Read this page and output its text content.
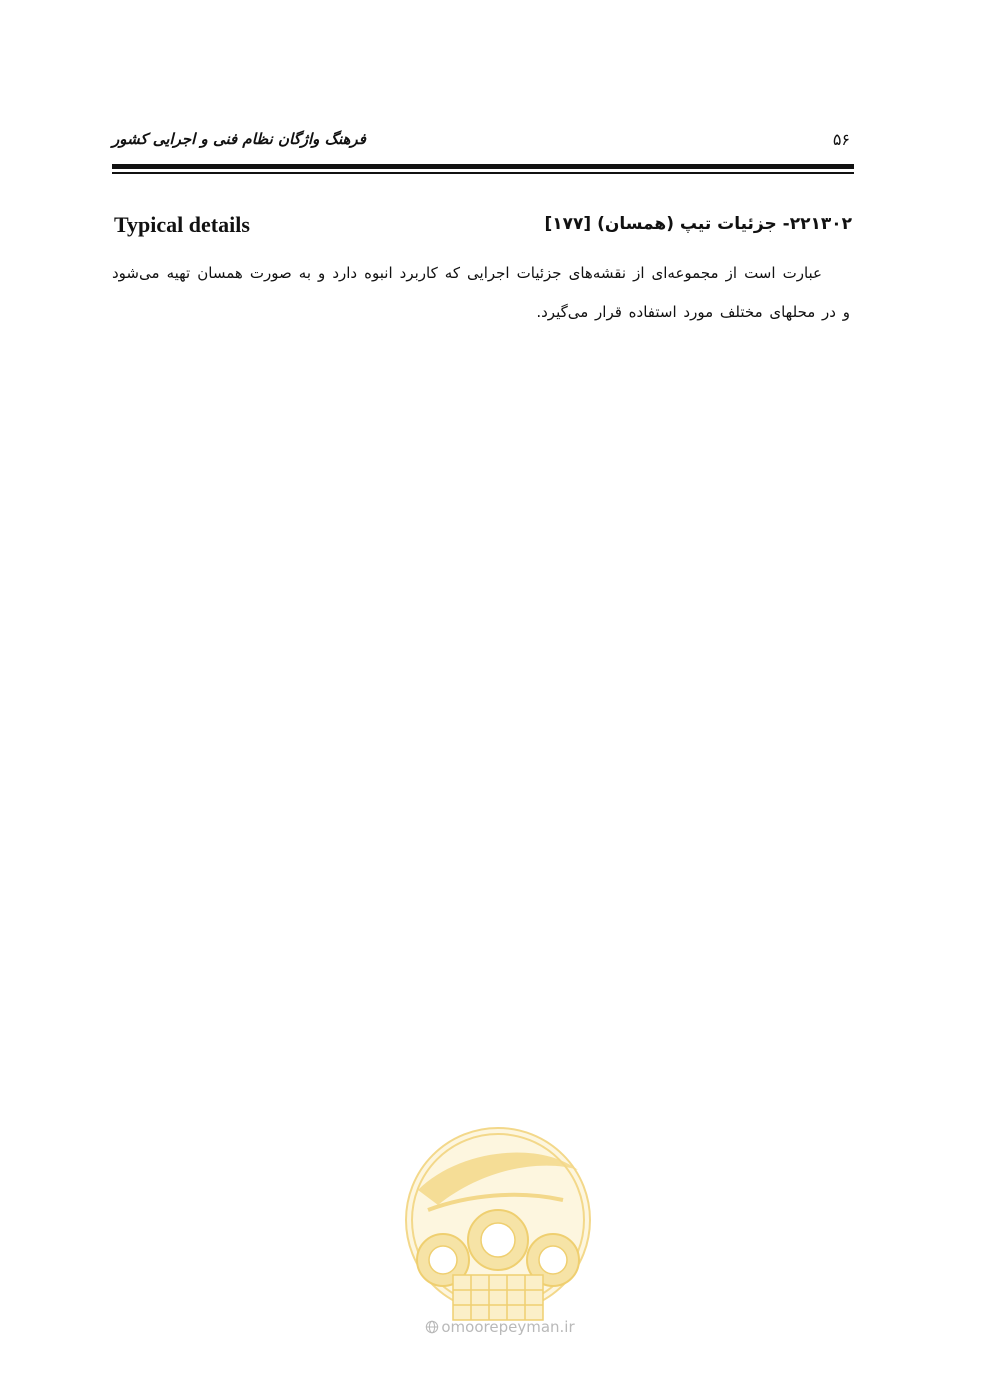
فرهنگ واژگان نظام فنی و اجرایی کشور	۵۶
۲۲۱۳۰۲- جزئیات تیپ (همسان) [۱۷۷]
Typical details
عبارت است از مجموعه‌ای از نقشه‌های جزئیات اجرایی که کاربرد انبوه دارد و به صورت همسان تهیه می‌شود و در محلهای مختلف مورد استفاده قرار می‌گیرد.
omoorepeyman.ir
